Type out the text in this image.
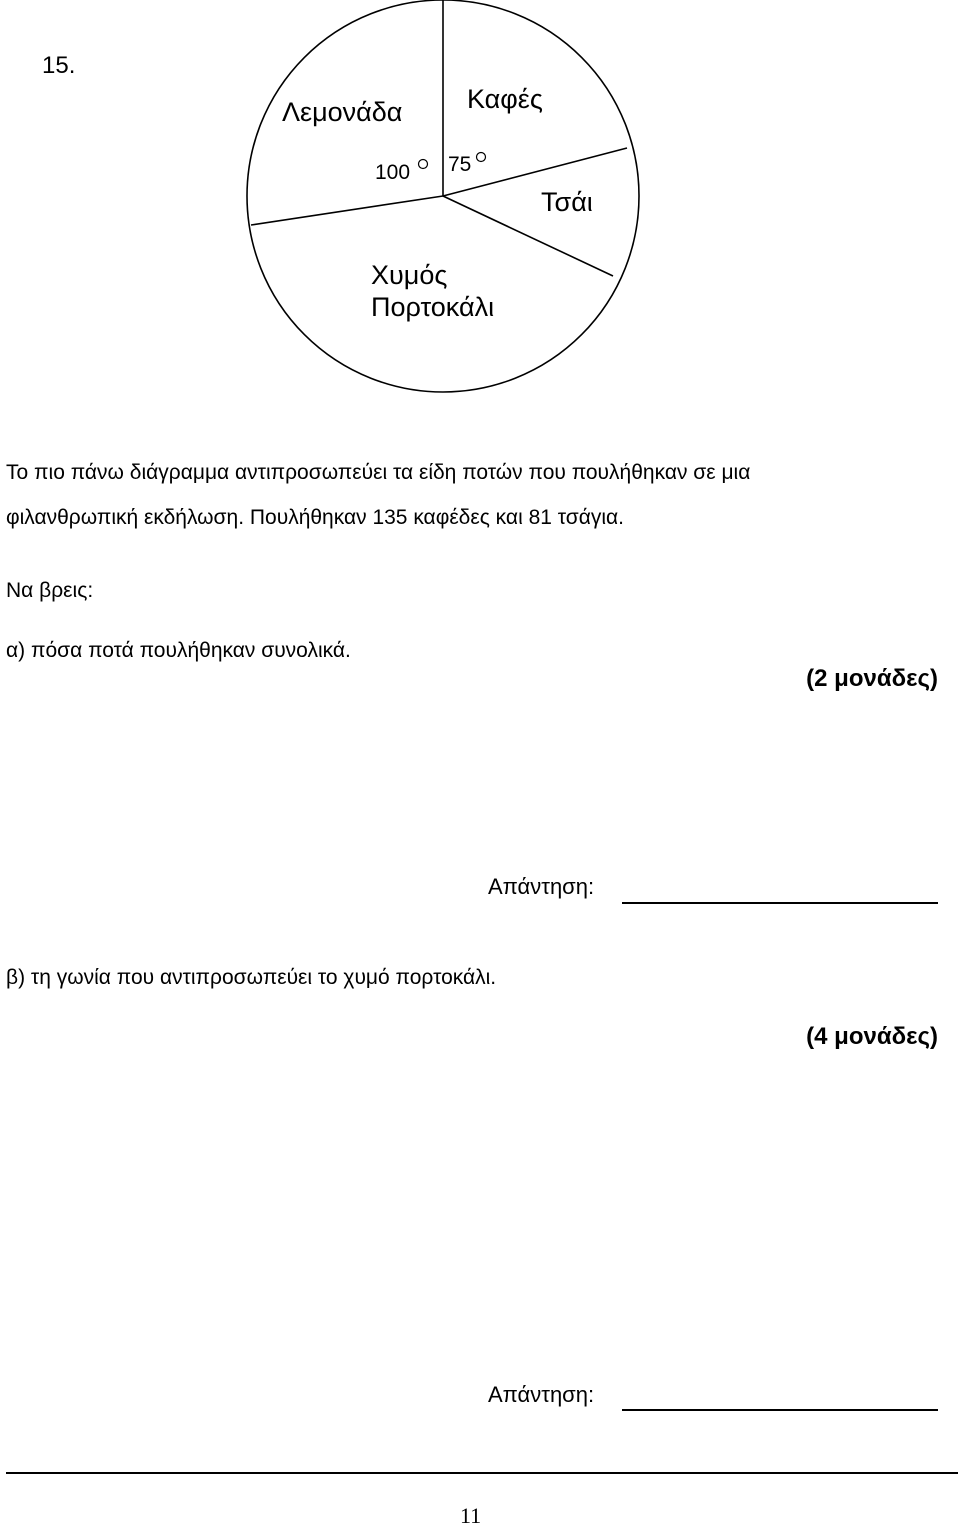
15.
Καφές
Λεμονάδα
Τσάι
Χυμός
Πορτοκάλι
100 75
Το πιο πάνω διάγραμμα αντιπροσωπεύει τα είδη ποτών που πουλήθηκαν σε μια
φιλανθρωπική εκδήλωση. Πουλήθηκαν 135 καφέδες και 81 τσάγια.
Να βρεις:
α) πόσα ποτά πουλήθηκαν συνολικά.
(2 μονάδες)
Απάντηση:
β) τη γωνία που αντιπροσωπεύει το χυμό πορτοκάλι.
(4 μονάδες)
Απάντηση:
11
